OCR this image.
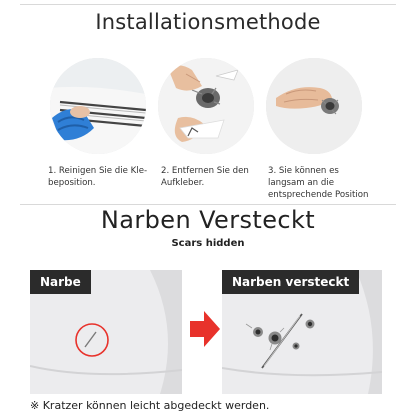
Installationsmethode
1. Reinigen Sie die Kle-
beposition.
2. Entfernen Sie den
Aufkleber.
3. Sie können es
langsam an die
entsprechende Position
Narben Versteckt
Scars hidden
Narbe	Narben versteckt
※ Kratzer können leicht abgedeckt werden.
